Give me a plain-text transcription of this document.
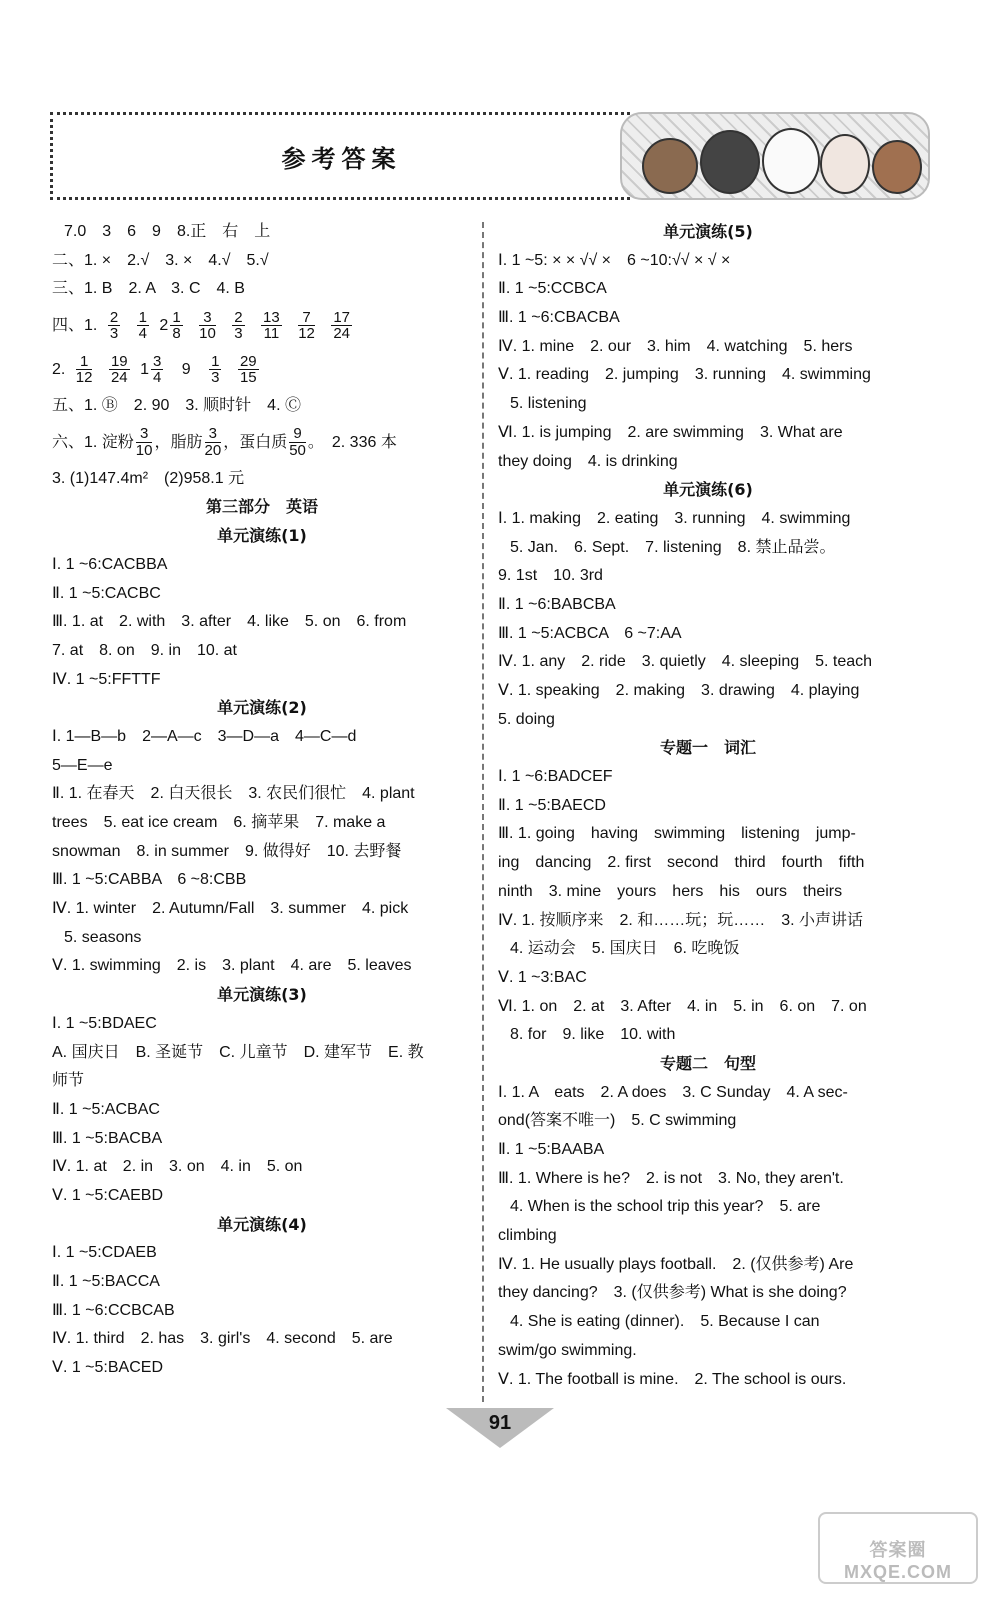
参考答案
7.0　3　6　9　8.正　右　上
二、1. ×　2.√　3. ×　4.√　5.√
三、1. B　2. A　3. C　4. B
四、1. $\frac{2}{3}$
$\frac{1}{4} 2 \frac{1}{8}$
$\frac{3}{10}$
$\frac{2}{3}$
$\frac{13}{11}$
$\frac{7}{12}$
$\frac{17}{24}$
2. $\frac{1}{12}$
$\frac{19}{24} 1 \frac{3}{4} 9 \frac{1}{3}$
$\frac{29}{15}$
五、1. Ⓑ　2. 90　3. 顺时针　4. Ⓒ
六、1. 淀粉 $\frac{3}{10}$ ，脂肪 $\frac{3}{20}$ ，蛋白质 $\frac{9}{50}$ 。　2. 336 本
3. (1)147.4m²　(2)958.1 元
第三部分　英语
单元演练(1)
Ⅰ. 1 ~6:CACBBA
Ⅱ. 1 ~5:CACBC
Ⅲ. 1. at　2. with　3. after　4. like　5. on　6. from
7. at　8. on　9. in　10. at
Ⅳ. 1 ~5:FFTTF
单元演练(2)
Ⅰ. 1—B—b　2—A—c　3—D—a　4—C—d
5—E—e
Ⅱ. 1. 在春天　2. 白天很长　3. 农民们很忙　4. plant
trees　5. eat ice cream　6. 摘苹果　7. make a
snowman　8. in summer　9. 做得好　10. 去野餐
Ⅲ. 1 ~5:CABBA　6 ~8:CBB
Ⅳ. 1. winter　2. Autumn/Fall　3. summer　4. pick
5. seasons
Ⅴ. 1. swimming　2. is　3. plant　4. are　5. leaves
单元演练(3)
Ⅰ. 1 ~5:BDAEC
A. 国庆日　B. 圣诞节　C. 儿童节　D. 建军节　E. 教
师节
Ⅱ. 1 ~5:ACBAC
Ⅲ. 1 ~5:BACBA
Ⅳ. 1. at　2. in　3. on　4. in　5. on
Ⅴ. 1 ~5:CAEBD
单元演练(4)
Ⅰ. 1 ~5:CDAEB
Ⅱ. 1 ~5:BACCA
Ⅲ. 1 ~6:CCBCAB
Ⅳ. 1. third　2. has　3. girl's　4. second　5. are
Ⅴ. 1 ~5:BACED
单元演练(5)
Ⅰ. 1 ~5: × × √√ ×　6 ~10:√√ × √ ×
Ⅱ. 1 ~5:CCBCA
Ⅲ. 1 ~6:CBACBA
Ⅳ. 1. mine　2. our　3. him　4. watching　5. hers
Ⅴ. 1. reading　2. jumping　3. running　4. swimming
5. listening
Ⅵ. 1. is jumping　2. are swimming　3. What are
they doing　4. is drinking
单元演练(6)
Ⅰ. 1. making　2. eating　3. running　4. swimming
5. Jan.　6. Sept.　7. listening　8. 禁止品尝。
9. 1st　10. 3rd
Ⅱ. 1 ~6:BABCBA
Ⅲ. 1 ~5:ACBCA　6 ~7:AA
Ⅳ. 1. any　2. ride　3. quietly　4. sleeping　5. teach
Ⅴ. 1. speaking　2. making　3. drawing　4. playing
5. doing
专题一　词汇
Ⅰ. 1 ~6:BADCEF
Ⅱ. 1 ~5:BAECD
Ⅲ. 1. going　having　swimming　listening　jump-
ing　dancing　2. first　second　third　fourth　fifth
ninth　3. mine　yours　hers　his　ours　theirs
Ⅳ. 1. 按顺序来　2. 和……玩；玩……　3. 小声讲话
4. 运动会　5. 国庆日　6. 吃晚饭
Ⅴ. 1 ~3:BAC
Ⅵ. 1. on　2. at　3. After　4. in　5. in　6. on　7. on
8. for　9. like　10. with
专题二　句型
Ⅰ. 1. A　eats　2. A does　3. C Sunday　4. A sec-
ond(答案不唯一)　5. C swimming
Ⅱ. 1 ~5:BAABA
Ⅲ. 1. Where is he?　2. is not　3. No, they aren't.
4. When is the school trip this year?　5. are
climbing
Ⅳ. 1. He usually plays football.　2. (仅供参考) Are
they dancing?　3. (仅供参考) What is she doing?
4. She is eating (dinner).　5. Because I can
swim/go swimming.
Ⅴ. 1. The football is mine.　2. The school is ours.
91
答案圈 MXQE.COM
